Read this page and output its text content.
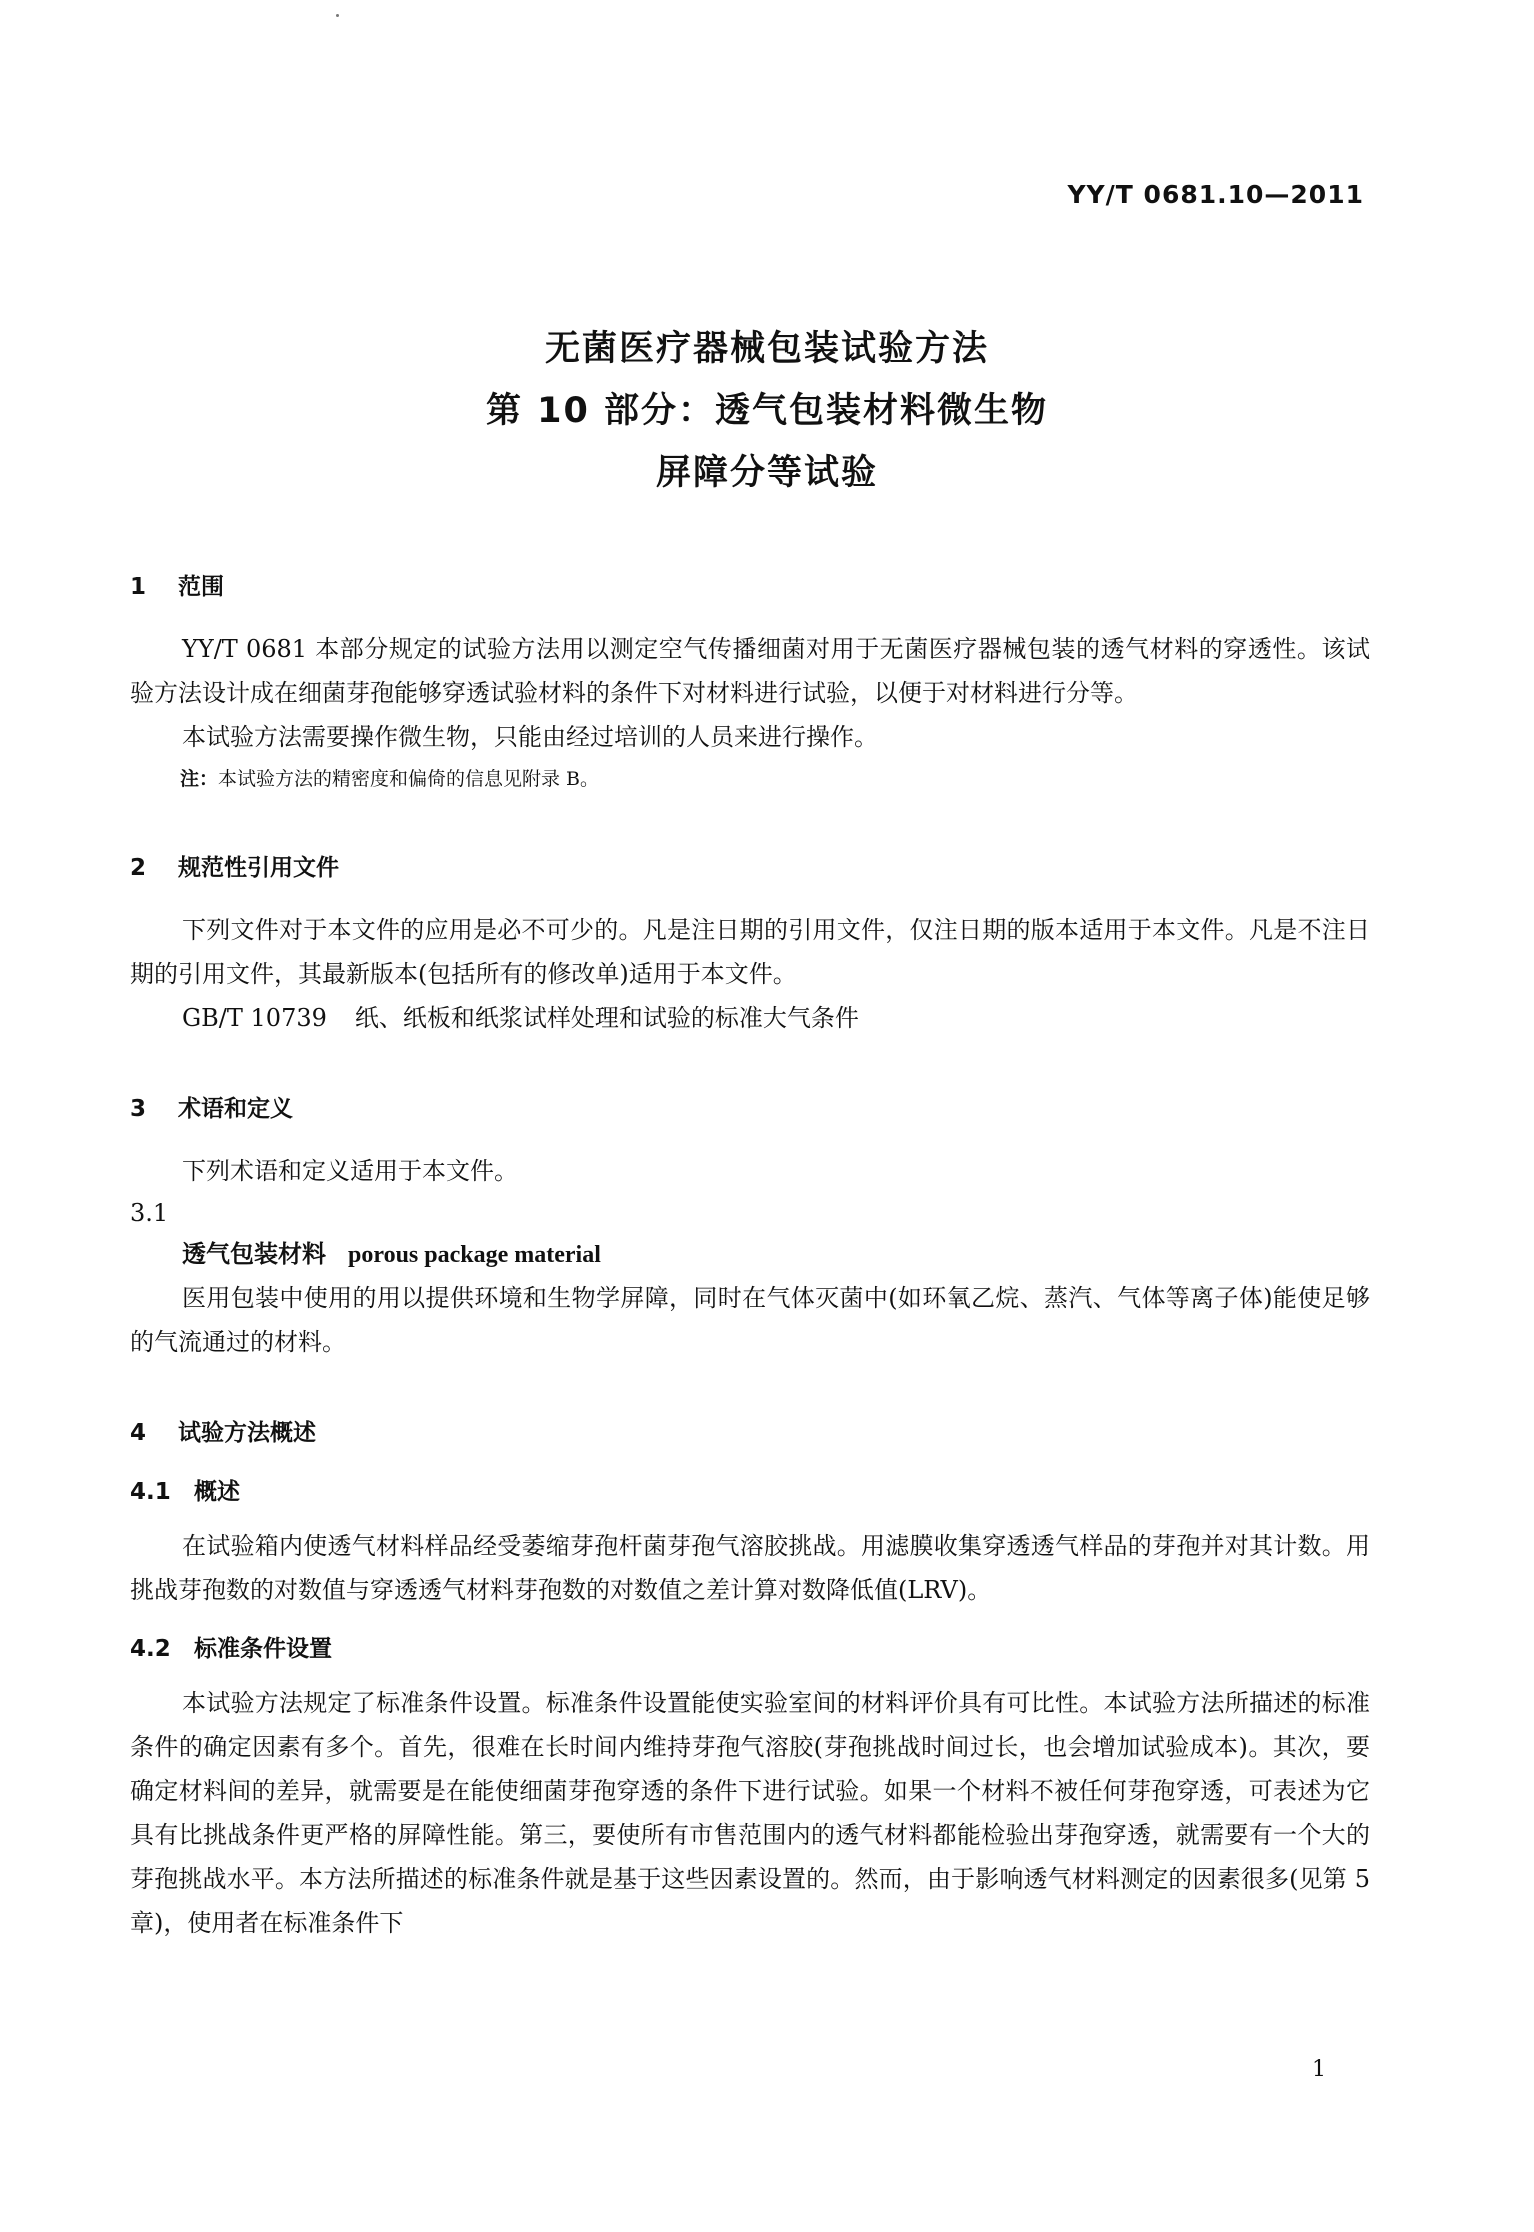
YY/T 0681.10—2011
无菌医疗器械包装试验方法
第 10 部分：透气包装材料微生物
屏障分等试验
1 范围

YY/T 0681 本部分规定的试验方法用以测定空气传播细菌对用于无菌医疗器械包装的透气材料的穿透性。该试验方法设计成在细菌芽孢能够穿透试验材料的条件下对材料进行试验，以便于对材料进行分等。

本试验方法需要操作微生物，只能由经过培训的人员来进行操作。

注：本试验方法的精密度和偏倚的信息见附录 B。
2 规范性引用文件

下列文件对于本文件的应用是必不可少的。凡是注日期的引用文件，仅注日期的版本适用于本文件。凡是不注日期的引用文件，其最新版本(包括所有的修改单)适用于本文件。

GB/T 10739 纸、纸板和纸浆试样处理和试验的标准大气条件

3 术语和定义

下列术语和定义适用于本文件。

3.1
透气包装材料 porous package material

医用包装中使用的用以提供环境和生物学屏障，同时在气体灭菌中(如环氧乙烷、蒸汽、气体等离子体)能使足够的气流通过的材料。

4 试验方法概述
4.1 概述

在试验箱内使透气材料样品经受萎缩芽孢杆菌芽孢气溶胶挑战。用滤膜收集穿透透气样品的芽孢并对其计数。用挑战芽孢数的对数值与穿透透气材料芽孢数的对数值之差计算对数降低值(LRV)。

4.2 标准条件设置

本试验方法规定了标准条件设置。标准条件设置能使实验室间的材料评价具有可比性。本试验方法所描述的标准条件的确定因素有多个。首先，很难在长时间内维持芽孢气溶胶(芽孢挑战时间过长，也会增加试验成本)。其次，要确定材料间的差异，就需要是在能使细菌芽孢穿透的条件下进行试验。如果一个材料不被任何芽孢穿透，可表述为它具有比挑战条件更严格的屏障性能。第三，要使所有市售范围内的透气材料都能检验出芽孢穿透，就需要有一个大的芽孢挑战水平。本方法所描述的标准条件就是基于这些因素设置的。然而，由于影响透气材料测定的因素很多(见第 5 章)，使用者在标准条件下

1
